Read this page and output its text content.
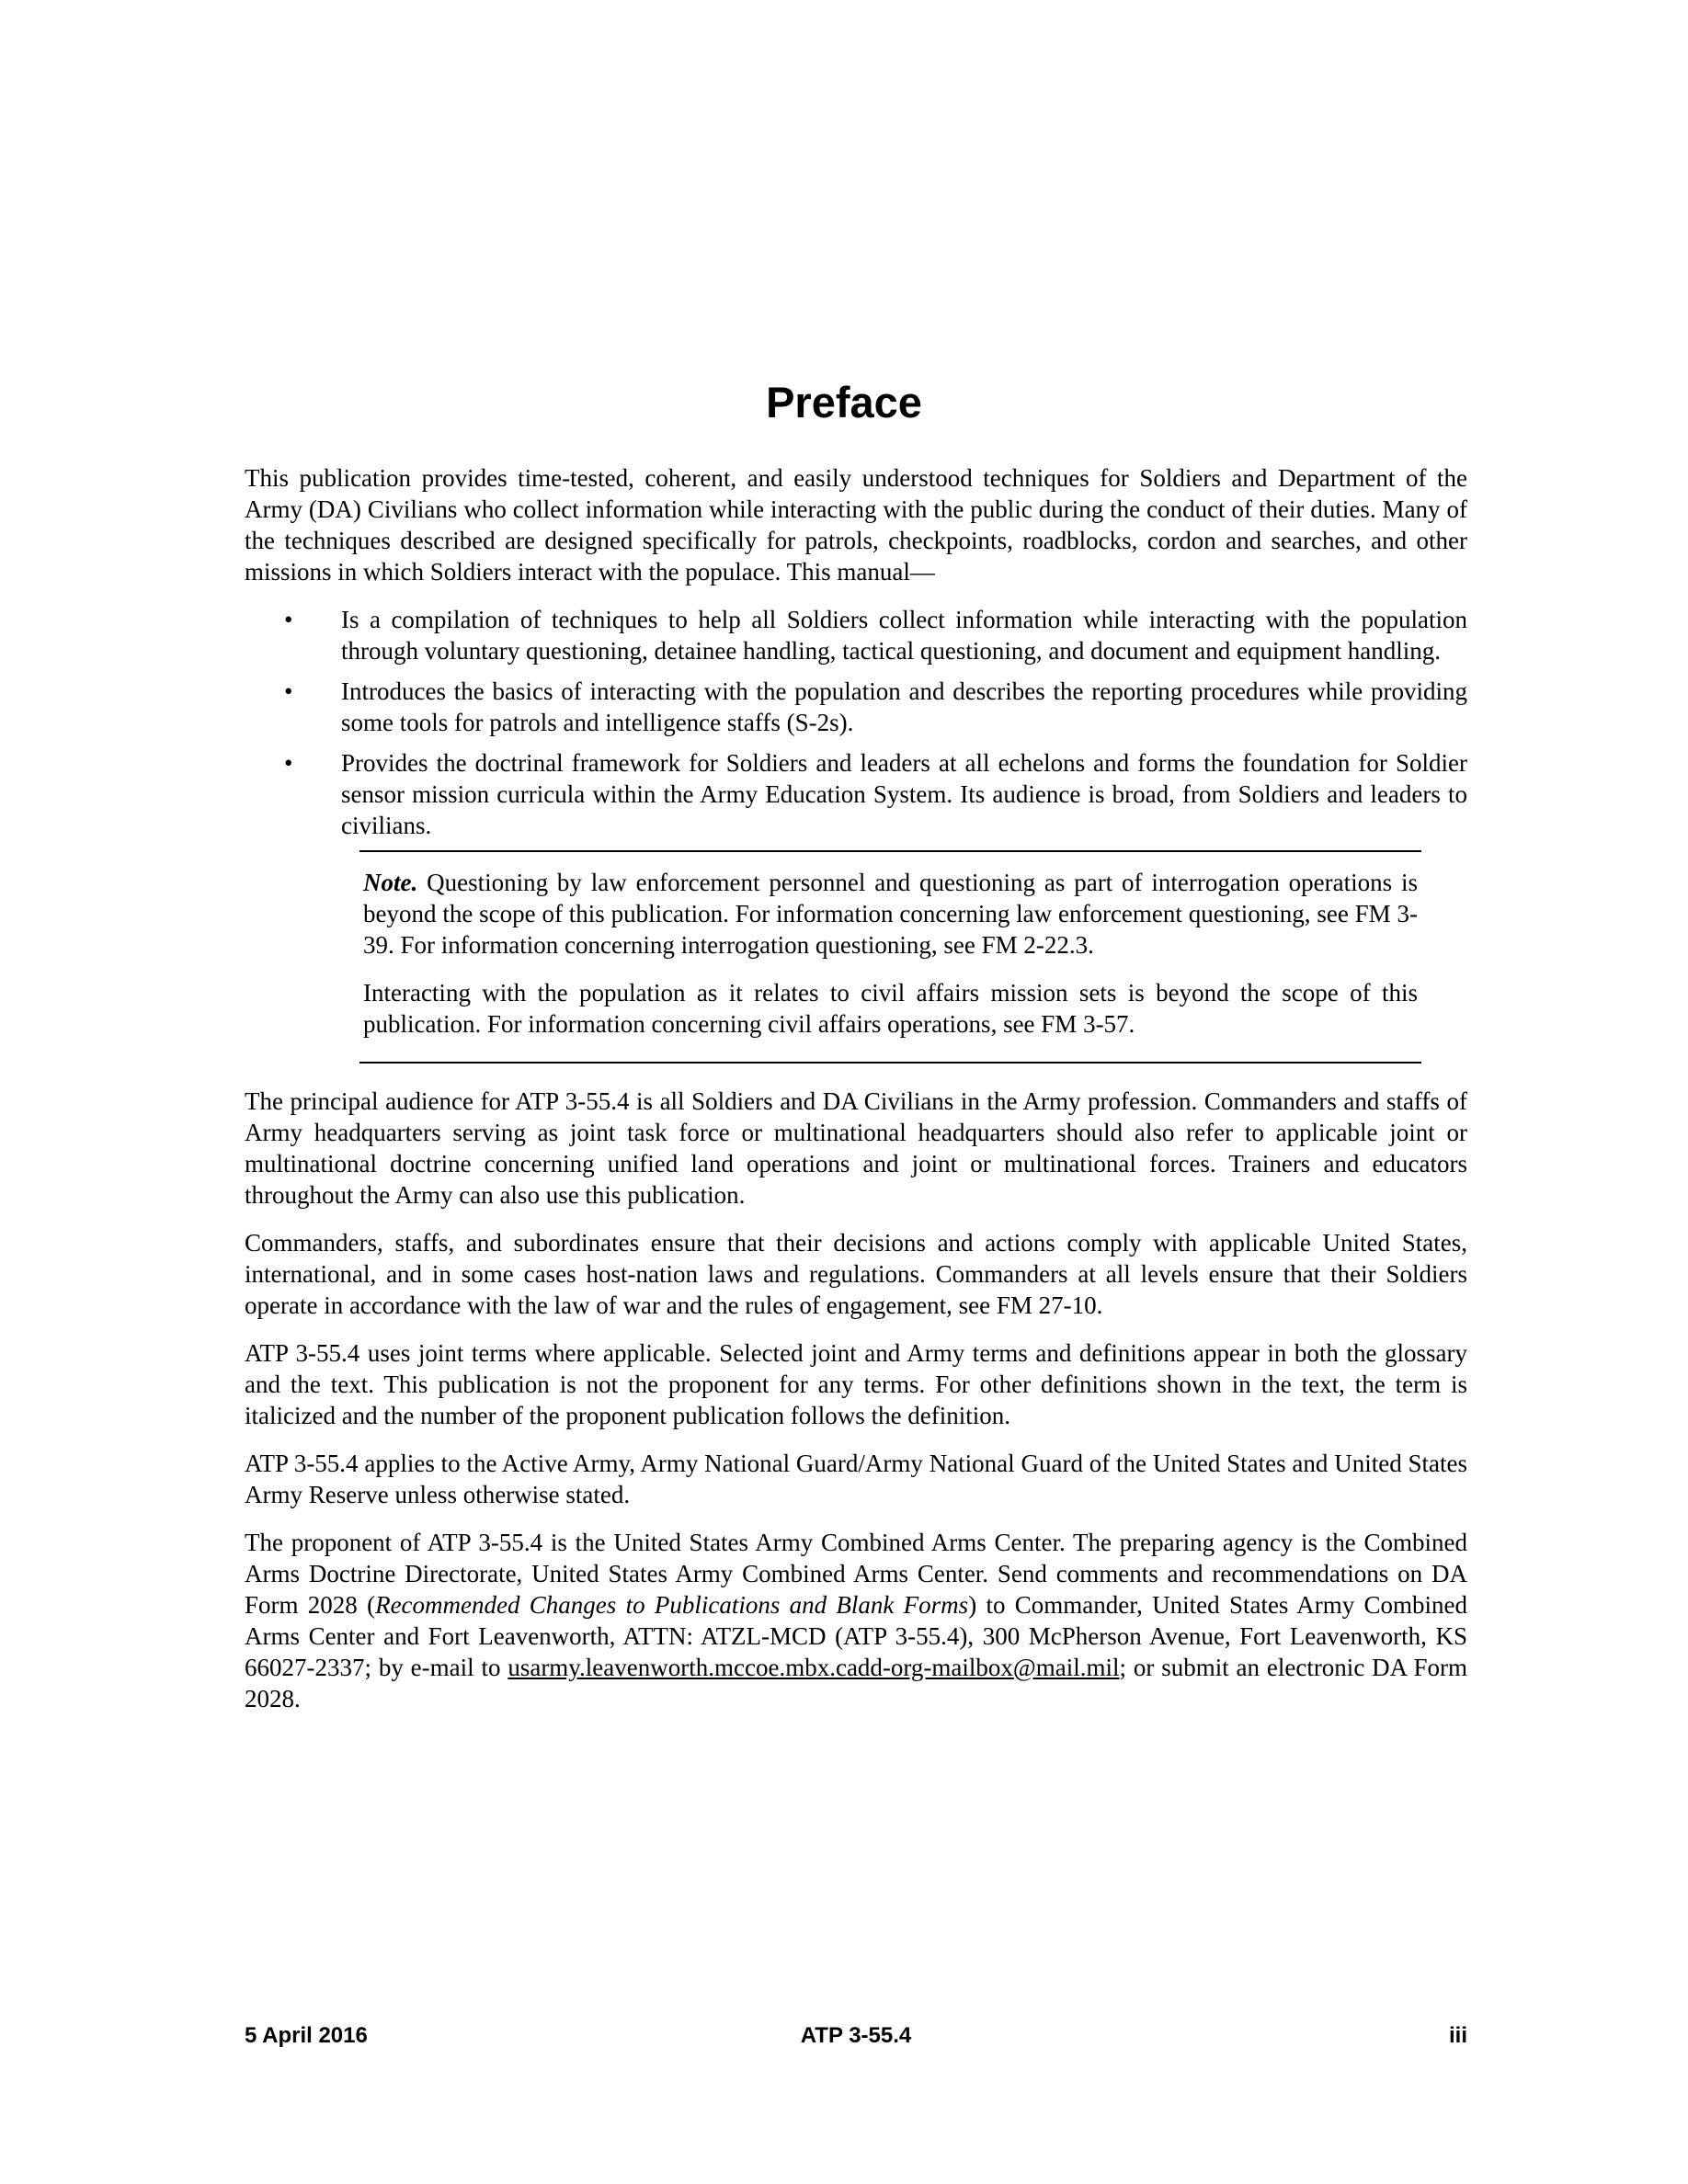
Preface

This publication provides time-tested, coherent, and easily understood techniques for Soldiers and Department of the Army (DA) Civilians who collect information while interacting with the public during the conduct of their duties. Many of the techniques described are designed specifically for patrols, checkpoints, roadblocks, cordon and searches, and other missions in which Soldiers interact with the populace. This manual—

• Is a compilation of techniques to help all Soldiers collect information while interacting with the population through voluntary questioning, detainee handling, tactical questioning, and document and equipment handling.
• Introduces the basics of interacting with the population and describes the reporting procedures while providing some tools for patrols and intelligence staffs (S-2s).
• Provides the doctrinal framework for Soldiers and leaders at all echelons and forms the foundation for Soldier sensor mission curricula within the Army Education System. Its audience is broad, from Soldiers and leaders to civilians.

Note. Questioning by law enforcement personnel and questioning as part of interrogation operations is beyond the scope of this publication. For information concerning law enforcement questioning, see FM 3-39. For information concerning interrogation questioning, see FM 2-22.3.

Interacting with the population as it relates to civil affairs mission sets is beyond the scope of this publication. For information concerning civil affairs operations, see FM 3-57.

The principal audience for ATP 3-55.4 is all Soldiers and DA Civilians in the Army profession. Commanders and staffs of Army headquarters serving as joint task force or multinational headquarters should also refer to applicable joint or multinational doctrine concerning unified land operations and joint or multinational forces. Trainers and educators throughout the Army can also use this publication.

Commanders, staffs, and subordinates ensure that their decisions and actions comply with applicable United States, international, and in some cases host-nation laws and regulations. Commanders at all levels ensure that their Soldiers operate in accordance with the law of war and the rules of engagement, see FM 27-10.

ATP 3-55.4 uses joint terms where applicable. Selected joint and Army terms and definitions appear in both the glossary and the text. This publication is not the proponent for any terms. For other definitions shown in the text, the term is italicized and the number of the proponent publication follows the definition.

ATP 3-55.4 applies to the Active Army, Army National Guard/Army National Guard of the United States and United States Army Reserve unless otherwise stated.

The proponent of ATP 3-55.4 is the United States Army Combined Arms Center. The preparing agency is the Combined Arms Doctrine Directorate, United States Army Combined Arms Center. Send comments and recommendations on DA Form 2028 (Recommended Changes to Publications and Blank Forms) to Commander, United States Army Combined Arms Center and Fort Leavenworth, ATTN: ATZL-MCD (ATP 3-55.4), 300 McPherson Avenue, Fort Leavenworth, KS 66027-2337; by e-mail to usarmy.leavenworth.mccoe.mbx.cadd-org-mailbox@mail.mil; or submit an electronic DA Form 2028.

ATP 3-55.4
5 April 2016	iii
